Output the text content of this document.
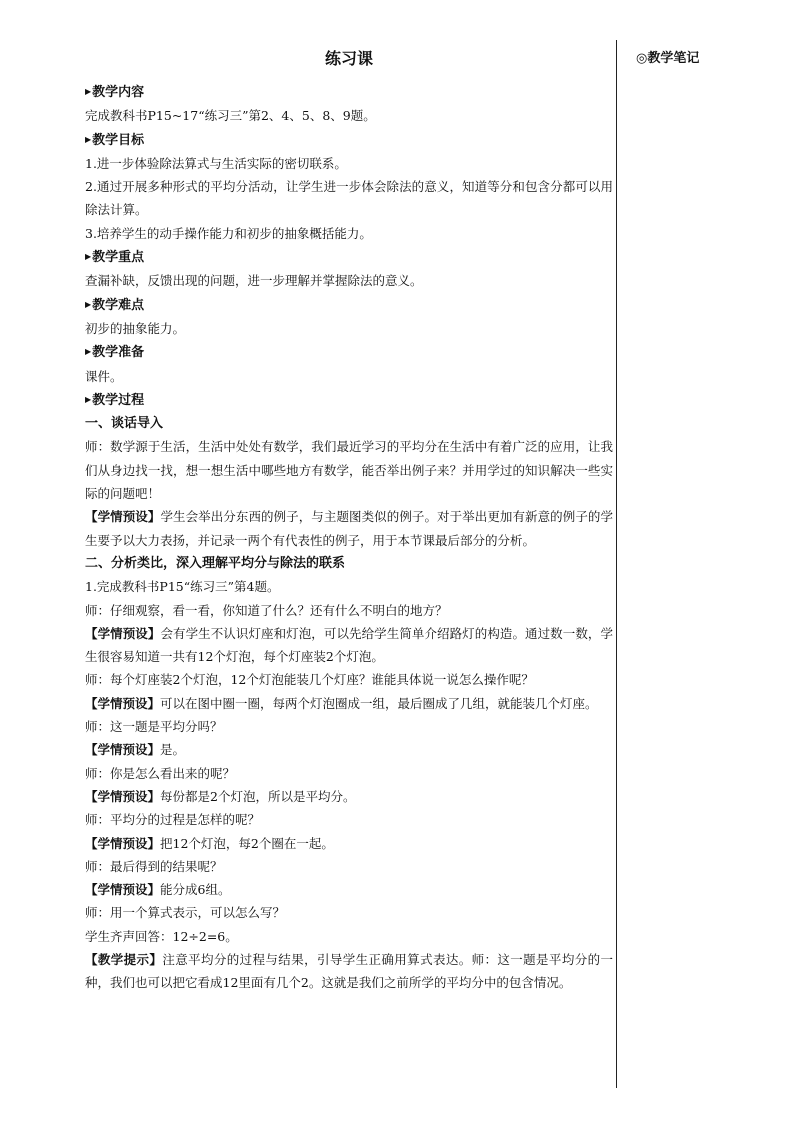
◎教学笔记
练习课
▶教学内容

完成教科书P15~17“练习三”第2、4、5、8、9题。

▶教学目标

1.进一步体验除法算式与生活实际的密切联系。

2.通过开展多种形式的平均分活动，让学生进一步体会除法的意义，知道等分和包含分都可以用除法计算。

3.培养学生的动手操作能力和初步的抽象概括能力。

▶教学重点

查漏补缺，反馈出现的问题，进一步理解并掌握除法的意义。

▶教学难点

初步的抽象能力。

▶教学准备

课件。

▶教学过程
一、谈话导入

师：数学源于生活，生活中处处有数学，我们最近学习的平均分在生活中有着广泛的应用，让我们从身边找一找，想一想生活中哪些地方有数学，能否举出例子来？并用学过的知识解决一些实际的问题吧！

【学情预设】学生会举出分东西的例子，与主题图类似的例子。对于举出更加有新意的例子的学生要予以大力表扬，并记录一两个有代表性的例子，用于本节课最后部分的分析。

二、分析类比，深入理解平均分与除法的联系

1.完成教科书P15“练习三”第4题。

师：仔细观察，看一看，你知道了什么？还有什么不明白的地方？

【学情预设】会有学生不认识灯座和灯泡，可以先给学生简单介绍路灯的构造。通过数一数，学生很容易知道一共有12个灯泡，每个灯座装2个灯泡。

师：每个灯座装2个灯泡，12个灯泡能装几个灯座？谁能具体说一说怎么操作呢？

【学情预设】可以在图中圈一圈，每两个灯泡圈成一组，最后圈成了几组，就能装几个灯座。

师：这一题是平均分吗？

【学情预设】是。

师：你是怎么看出来的呢？

【学情预设】每份都是2个灯泡，所以是平均分。

师：平均分的过程是怎样的呢？

【学情预设】把12个灯泡，每2个圈在一起。

师：最后得到的结果呢？

【学情预设】能分成6组。

师：用一个算式表示，可以怎么写？

学生齐声回答：12÷2=6。

【教学提示】注意平均分的过程与结果，引导学生正确用算式表达。师：这一题是平均分的一种，我们也可以把它看成12里面有几个2。这就是我们之前所学的平均分中的包含情况。
